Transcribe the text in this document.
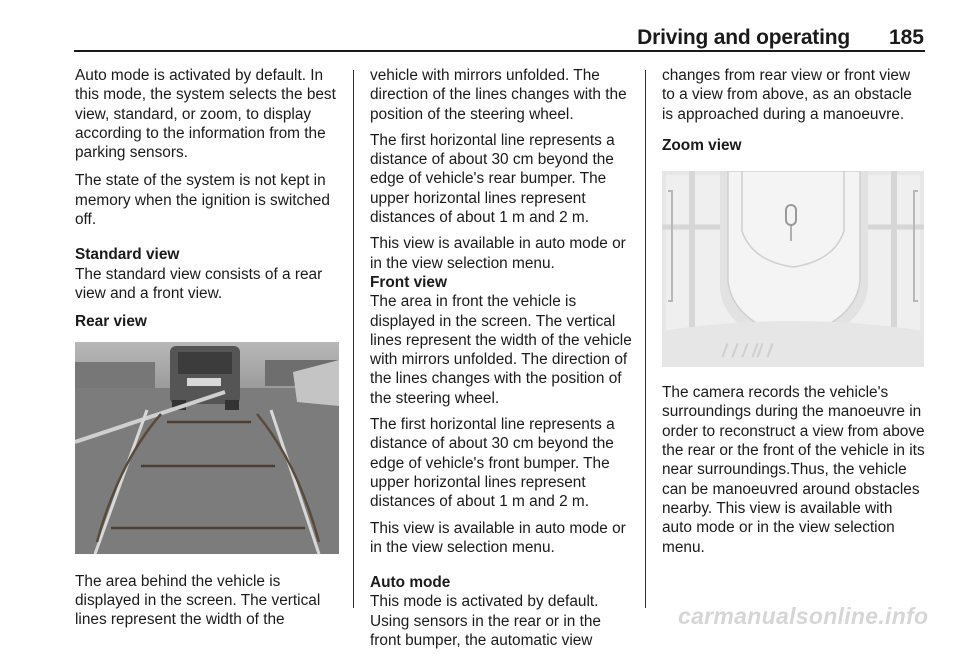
Driving and operating	185

Auto mode is activated by default. In this mode, the system selects the best view, standard, or zoom, to display according to the information from the parking sensors.

The state of the system is not kept in memory when the ignition is switched off.

Standard view

The standard view consists of a rear view and a front view.

Rear view

The area behind the vehicle is displayed in the screen. The vertical lines represent the width of the

vehicle with mirrors unfolded. The direction of the lines changes with the position of the steering wheel.

The first horizontal line represents a distance of about 30 cm beyond the edge of vehicle's rear bumper. The upper horizontal lines represent distances of about 1 m and 2 m.

This view is available in auto mode or in the view selection menu.

Front view

The area in front the vehicle is displayed in the screen. The vertical lines represent the width of the vehicle with mirrors unfolded. The direction of the lines changes with the position of the steering wheel.

The first horizontal line represents a distance of about 30 cm beyond the edge of vehicle's front bumper. The upper horizontal lines represent distances of about 1 m and 2 m.

This view is available in auto mode or in the view selection menu.

Auto mode

This mode is activated by default. Using sensors in the rear or in the front bumper, the automatic view

changes from rear view or front view to a view from above, as an obstacle is approached during a manoeuvre.

Zoom view
/ / / // /

The camera records the vehicle's surroundings during the manoeuvre in order to reconstruct a view from above the rear or the front of the vehicle in its near surroundings.Thus, the vehicle can be manoeuvred around obstacles nearby. This view is available with auto mode or in the view selection menu.

carmanualsonline.info
